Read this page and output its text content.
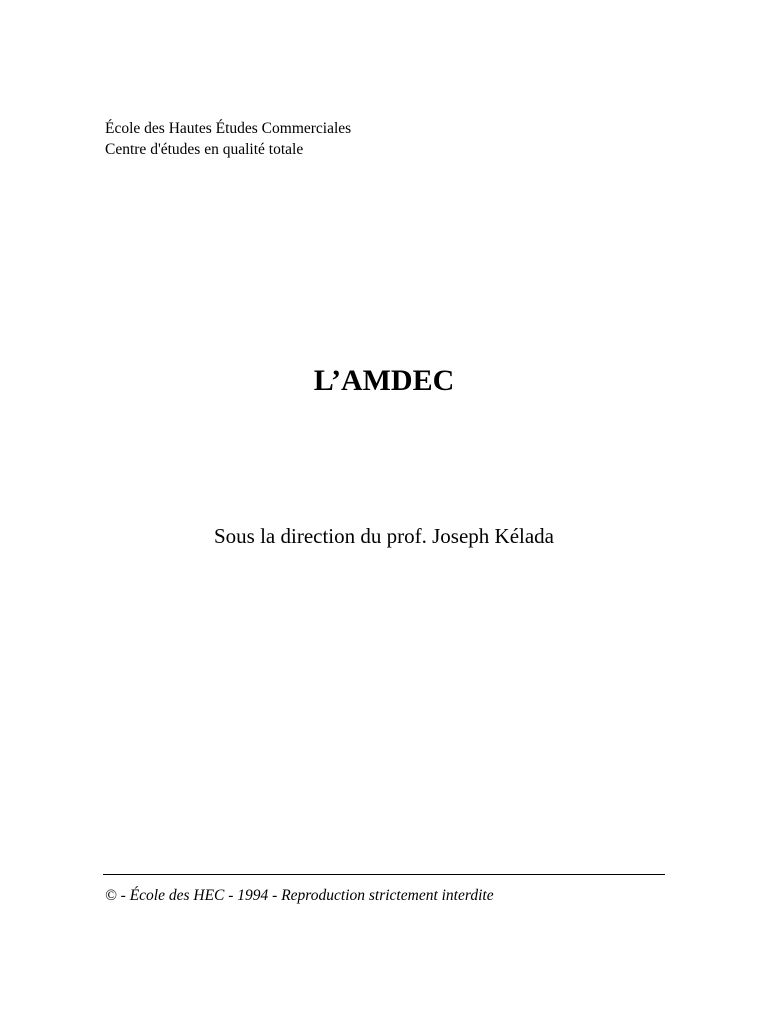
École des Hautes Études Commerciales
Centre d'études en qualité totale
L’AMDEC
Sous la direction du prof. Joseph Kélada
© - École des HEC - 1994 - Reproduction strictement interdite
